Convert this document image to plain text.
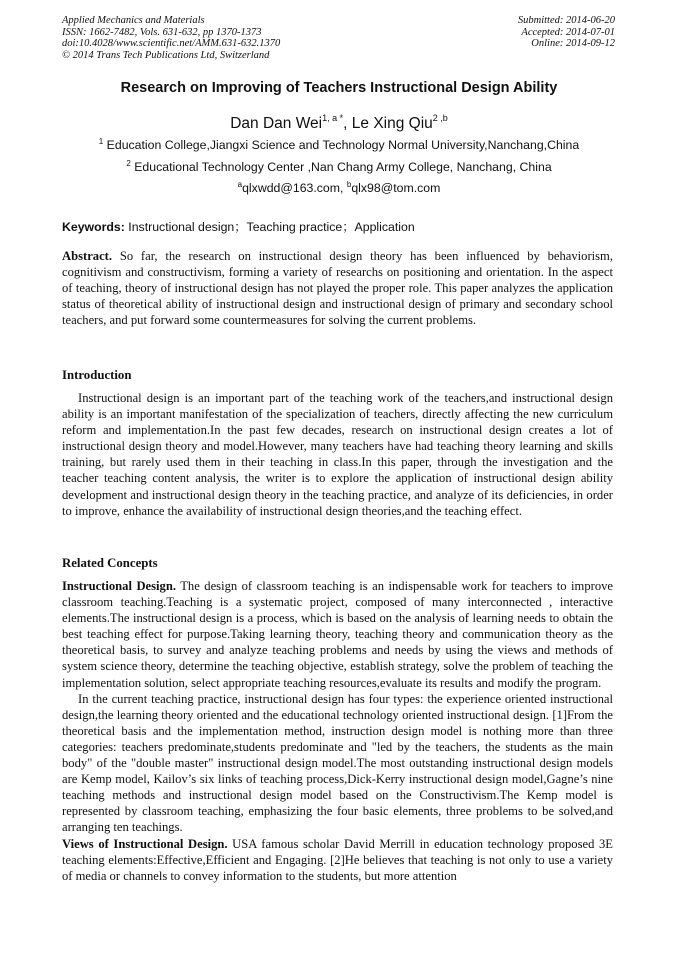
Applied Mechanics and Materials
ISSN: 1662-7482, Vols. 631-632, pp 1370-1373
doi:10.4028/www.scientific.net/AMM.631-632.1370
© 2014 Trans Tech Publications Ltd, Switzerland
Submitted: 2014-06-20
Accepted: 2014-07-01
Online: 2014-09-12
Research on Improving of Teachers Instructional Design Ability
Dan Dan Wei$^{1, a *}$, Le Xing Qiu$^{2 ,b}$
$^1$ Education College,Jiangxi Science and Technology Normal University,Nanchang,China
$^2$ Educational Technology Center ,Nan Chang Army College, Nanchang, China
$^a$qlxwdd@163.com, $^b$qlx98@tom.com
Keywords: Instructional design；Teaching practice；Application

Abstract. So far, the research on instructional design theory has been influenced by behaviorism, cognitivism and constructivism, forming a variety of researchs on positioning and orientation. In the aspect of teaching, theory of instructional design has not played the proper role. This paper analyzes the application status of theoretical ability of instructional design and instructional design of primary and secondary school teachers, and put forward some countermeasures for solving the current problems.

Introduction

Instructional design is an important part of the teaching work of the teachers,and instructional design ability is an important manifestation of the specialization of teachers, directly affecting the new curriculum reform and implementation.In the past few decades, research on instructional design creates a lot of instructional design theory and model.However, many teachers have had teaching theory learning and skills training, but rarely used them in their teaching in class.In this paper, through the investigation and the teacher teaching content analysis, the writer is to explore the application of instructional design ability development and instructional design theory in the teaching practice, and analyze of its deficiencies, in order to improve, enhance the availability of instructional design theories,and the teaching effect.

Related Concepts

Instructional Design. The design of classroom teaching is an indispensable work for teachers to improve classroom teaching.Teaching is a systematic project, composed of many interconnected , interactive elements.The instructional design is a process, which is based on the analysis of learning needs to obtain the best teaching effect for purpose.Taking learning theory, teaching theory and communication theory as the theoretical basis, to survey and analyze teaching problems and needs by using the views and methods of system science theory, determine the teaching objective, establish strategy, solve the problem of teaching the implementation solution, select appropriate teaching resources,evaluate its results and modify the program.

In the current teaching practice, instructional design has four types: the experience oriented instructional design,the learning theory oriented and the educational technology oriented instructional design. [1]From the theoretical basis and the implementation method, instruction design model is nothing more than three categories: teachers predominate,students predominate and "led by the teachers, the students as the main body" of the "double master" instructional design model.The most outstanding instructional design models are Kemp model, Kailov’s six links of teaching process,Dick-Kerry instructional design model,Gagne’s nine teaching methods and instructional design model based on the Constructivism.The Kemp model is represented by classroom teaching, emphasizing the four basic elements, three problems to be solved,and arranging ten teachings.

Views of Instructional Design. USA famous scholar David Merrill in education technology proposed 3E teaching elements:Effective,Efficient and Engaging. [2]He believes that teaching is not only to use a variety of media or channels to convey information to the students, but more attention
